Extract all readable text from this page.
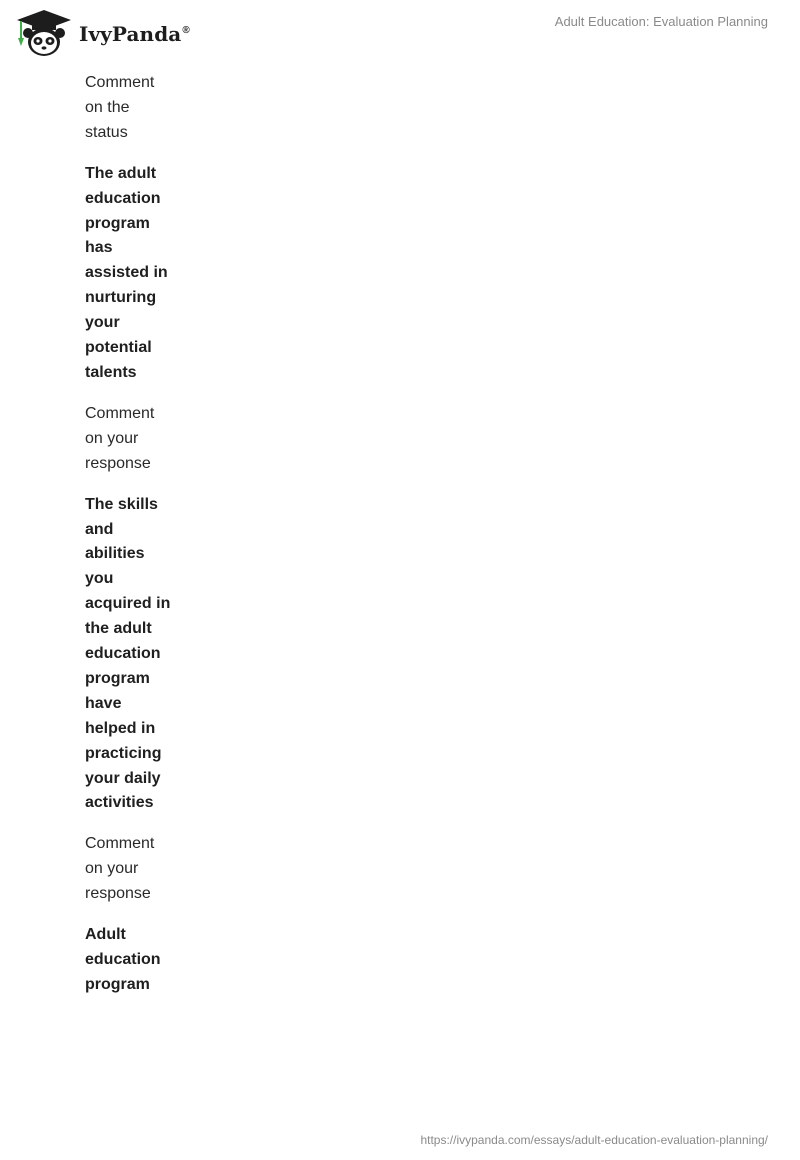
IvyPanda®
Adult Education: Evaluation Planning

Comment on the status

The adult education program has assisted in nurturing your potential talents

Comment on your response

The skills and abilities you acquired in the adult education program have helped in practicing your daily activities

Comment on your response

Adult education program

https://ivypanda.com/essays/adult-education-evaluation-planning/
